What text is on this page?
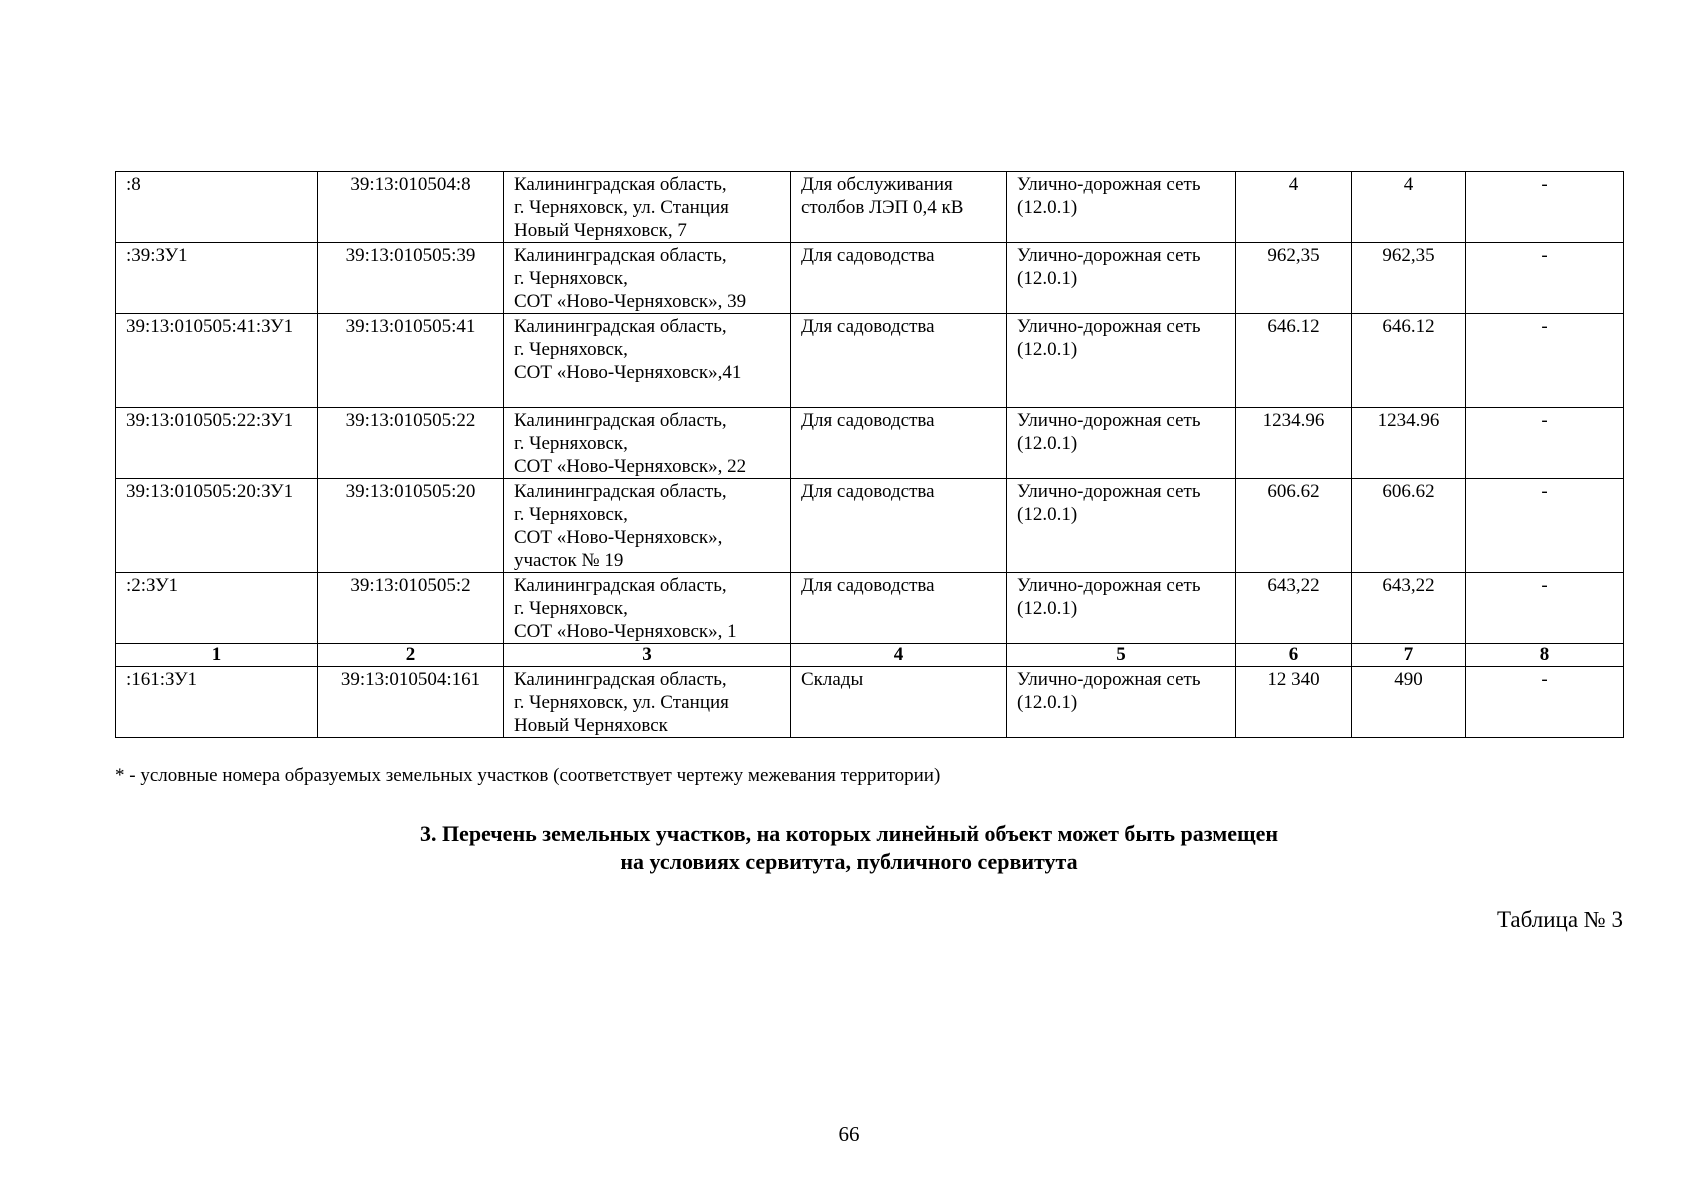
:8	39:13:010504:8	Калининградская область,
г. Черняховск, ул. Станция
Новый Черняховск, 7	Для обслуживания
столбов ЛЭП 0,4 кВ	Улично-дорожная сеть
(12.0.1)	4	4	-
:39:ЗУ1	39:13:010505:39	Калининградская область,
г. Черняховск,
СОТ «Ново-Черняховск», 39	Для садоводства	Улично-дорожная сеть
(12.0.1)	962,35	962,35	-
39:13:010505:41:ЗУ1	39:13:010505:41	Калининградская область,
г. Черняховск,
СОТ «Ново-Черняховск»,41	Для садоводства	Улично-дорожная сеть
(12.0.1)	646.12	646.12	-
39:13:010505:22:ЗУ1	39:13:010505:22	Калининградская область,
г. Черняховск,
СОТ «Ново-Черняховск», 22	Для садоводства	Улично-дорожная сеть
(12.0.1)	1234.96	1234.96	-
39:13:010505:20:ЗУ1	39:13:010505:20	Калининградская область,
г. Черняховск,
СОТ «Ново-Черняховск»,
участок № 19	Для садоводства	Улично-дорожная сеть
(12.0.1)	606.62	606.62	-
:2:ЗУ1	39:13:010505:2	Калининградская область,
г. Черняховск,
СОТ «Ново-Черняховск», 1	Для садоводства	Улично-дорожная сеть
(12.0.1)	643,22	643,22	-
1	2	3	4	5	6	7	8
:161:ЗУ1	39:13:010504:161	Калининградская область,
г. Черняховск, ул. Станция
Новый Черняховск	Склады	Улично-дорожная сеть
(12.0.1)	12 340	490	-
* - условные номера образуемых земельных участков (соответствует чертежу межевания территории)
3. Перечень земельных участков, на которых линейный объект может быть размещен
на условиях сервитута, публичного сервитута
Таблица № 3
66
